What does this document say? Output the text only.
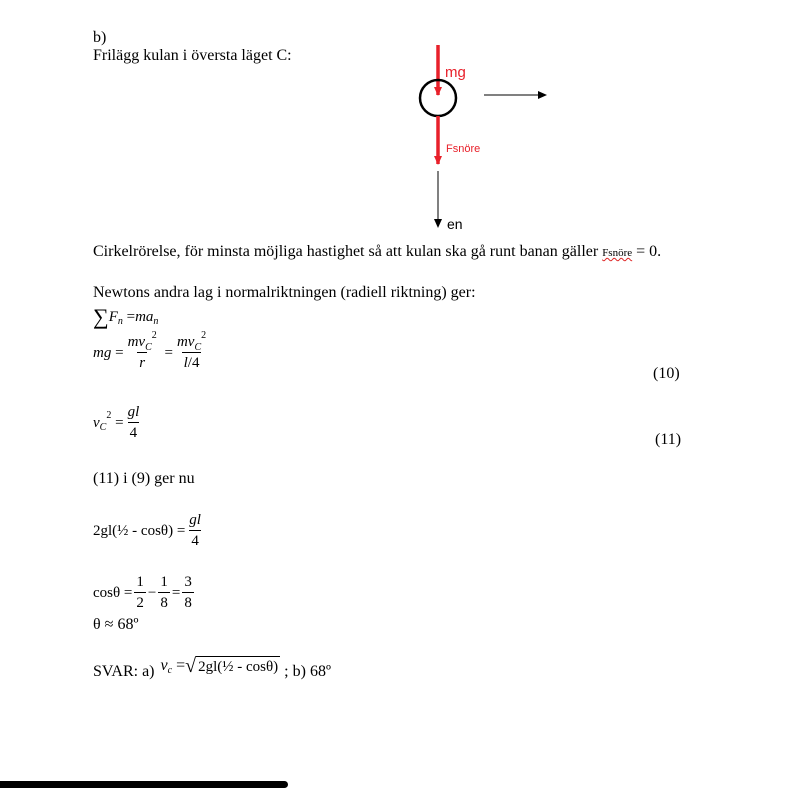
b)
Frilägg kulan i översta läget C:
mg
Fsnöre
en
Cirkelrörelse, för minsta möjliga hastighet så att kulan ska gå runt banan gäller Fsnöre = 0.
Newtons andra lag i normalriktningen (radiell riktning) ger:
∑ F n = ma n
mg = $\frac{mv_C^2}{r} = \frac{mv_C^2}{l/4}$
(10)
v C
$2 = \frac{gl}{4}$	(11)
(11) i (9) ger nu
2gl(½ - $\cos\theta) = \frac{gl}{4}$
$\cos\theta = \frac{1}{2} - \frac{1}{8} = \frac{3}{8}$
θ ≈ 68º
SVAR: a) v c = √ 2gl(½ - cosθ) ; b) 68º
